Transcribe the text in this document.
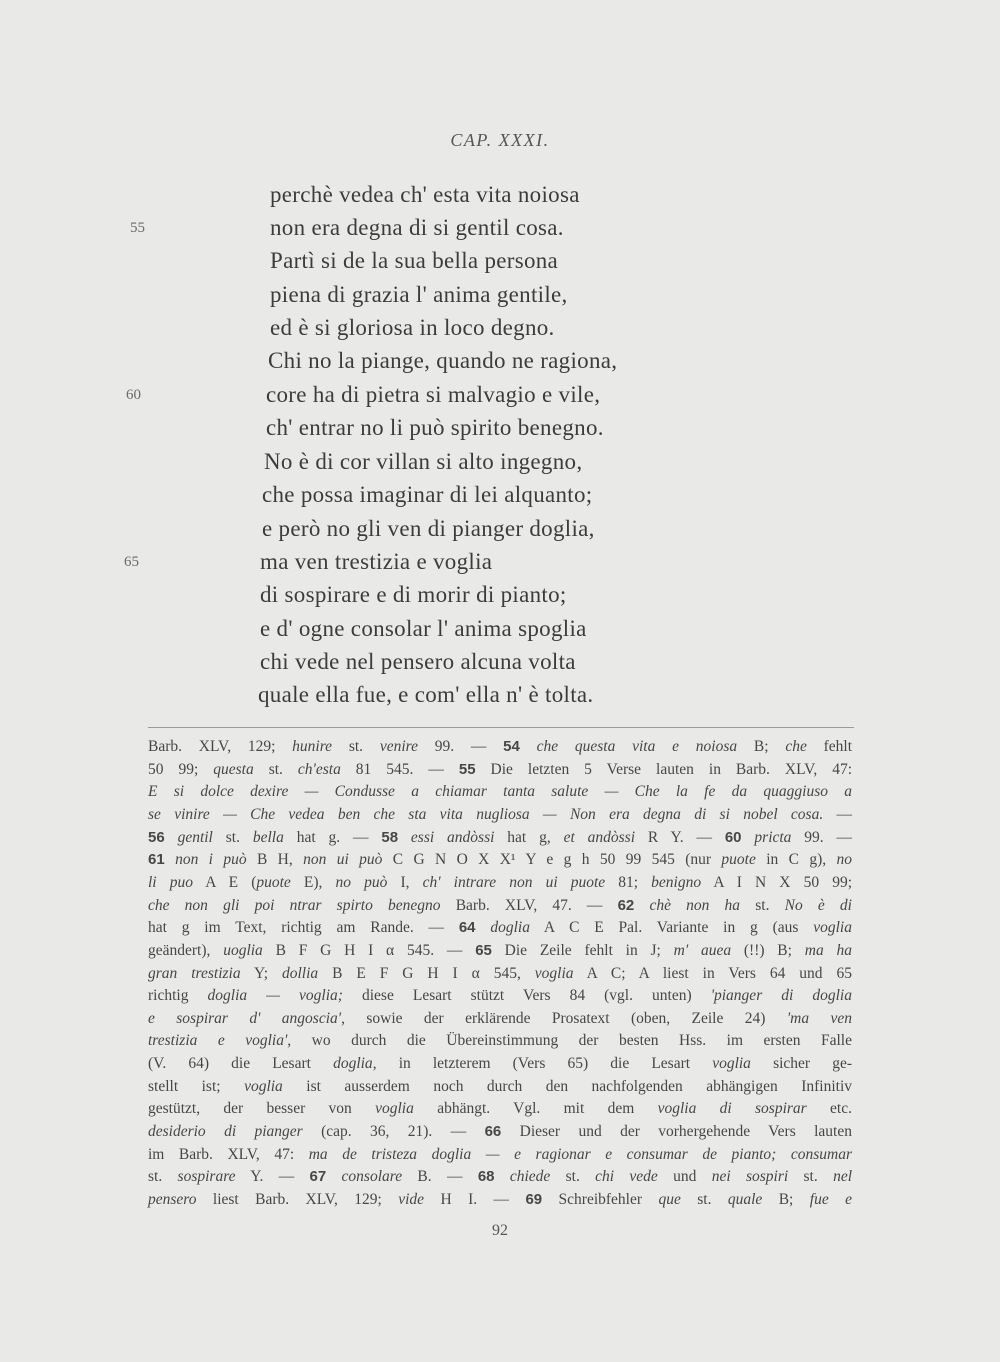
CAP. XXXI.
perchè vedea ch' esta vita noiosa
non era degna di si gentil cosa.
55
Partì si de la sua bella persona
piena di grazia l' anima gentile,
ed è si gloriosa in loco degno.
Chi no la piange, quando ne ragiona,
core ha di pietra si malvagio e vile,
60
ch' entrar no li può spirito benegno.
No è di cor villan si alto ingegno,
che possa imaginar di lei alquanto;
e però no gli ven di pianger doglia,
ma ven trestizia e voglia
65
di sospirare e di morir di pianto;
e d' ogne consolar l' anima spoglia
chi vede nel pensero alcuna volta
quale ella fue, e com' ella n' è tolta.
Barb. XLV, 129; hunire st. venire 99. — 54 che questa vita e noiosa B; che fehlt
50 99; questa st. ch'esta 81 545. — 55 Die letzten 5 Verse lauten in Barb. XLV, 47:
E si dolce dexire — Condusse a chiamar tanta salute — Che la fe da quaggiuso a
se vinire — Che vedea ben che sta vita nugliosa — Non era degna di si nobel cosa. —
56 gentil st. bella hat g. — 58 essi andòssi hat g, et andòssi R Y. — 60 pricta 99. —
61 non i può B H, non ui può C G N O X X¹ Y e g h 50 99 545 (nur puote in C g), no
li puo A E (puote E), no può I, ch' intrare non ui puote 81; benigno A I N X 50 99;
che non gli poi ntrar spirto benegno Barb. XLV, 47. — 62 chè non ha st. No è di
hat g im Text, richtig am Rande. — 64 doglia A C E Pal. Variante in g (aus voglia
geändert), uoglia B F G H I α 545. — 65 Die Zeile fehlt in J; m' auea (!!) B; ma ha
gran trestizia Y; dollia B E F G H I α 545, voglia A C; A liest in Vers 64 und 65
richtig doglia — voglia; diese Lesart stützt Vers 84 (vgl. unten) 'pianger di doglia
e sospirar d' angoscia', sowie der erklärende Prosatext (oben, Zeile 24) 'ma ven
trestizia e voglia', wo durch die Übereinstimmung der besten Hss. im ersten Falle
(V. 64) die Lesart doglia, in letzterem (Vers 65) die Lesart voglia sicher ge-
stellt ist; voglia ist ausserdem noch durch den nachfolgenden abhängigen Infinitiv
gestützt, der besser von voglia abhängt. Vgl. mit dem voglia di sospirar etc.
desiderio di pianger (cap. 36, 21). — 66 Dieser und der vorhergehende Vers lauten
im Barb. XLV, 47: ma de tristeza doglia — e ragionar e consumar de pianto; consumar
st. sospirare Y. — 67 consolare B. — 68 chiede st. chi vede und nei sospiri st. nel
pensero liest Barb. XLV, 129; vide H I. — 69 Schreibfehler que st. quale B; fue e
92
